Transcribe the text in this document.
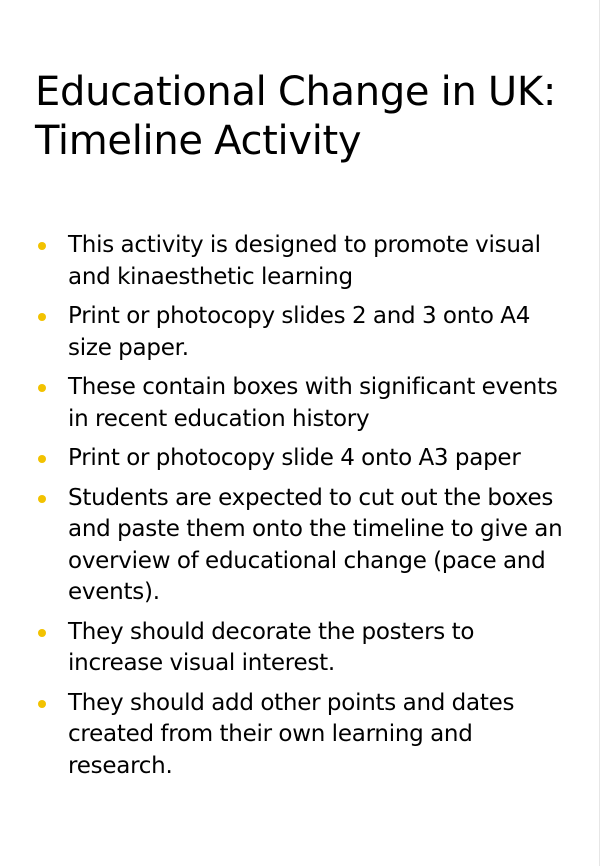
Educational Change in UK: Timeline Activity
This activity is designed to promote visual and kinaesthetic learning
Print or photocopy slides 2 and 3 onto A4 size paper.
These contain boxes with significant events in recent education history
Print or photocopy slide 4 onto A3 paper
Students are expected to cut out the boxes and paste them onto the timeline to give an overview of educational change (pace and events).
They should decorate the posters to increase visual interest.
They should add other points and dates created from their own learning and research.
